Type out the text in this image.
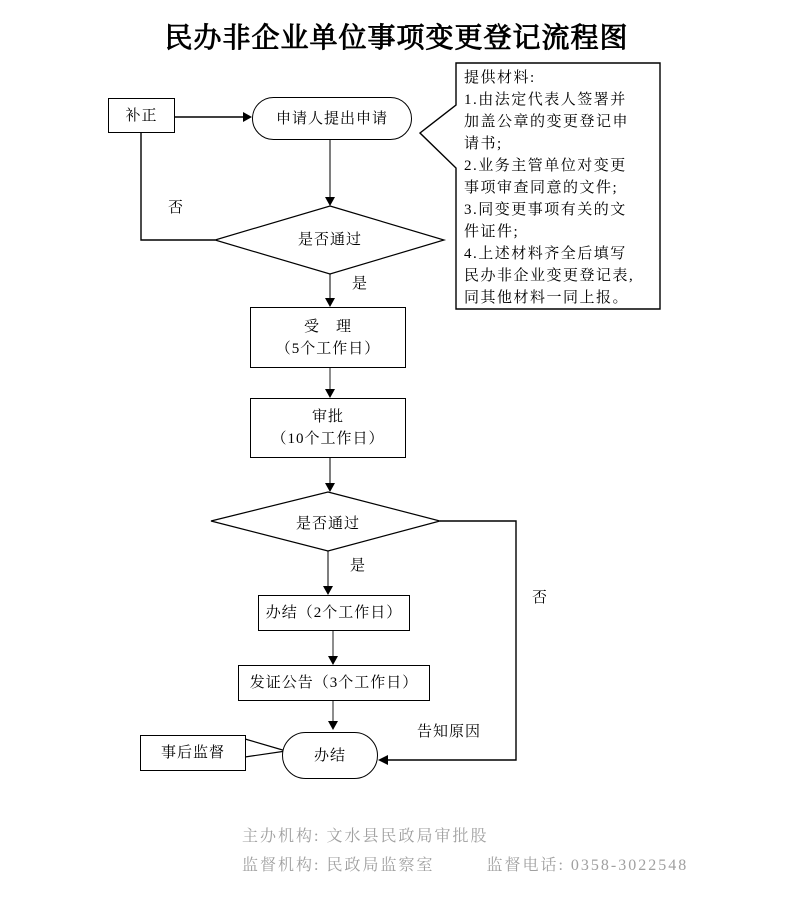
民办非企业单位事项变更登记流程图
补正	申请人提出申请
是否通过
受　理
（5个工作日）
审批
（10个工作日）
是否通过
办结（2个工作日）
发证公告（3个工作日）
事后监督	办结
否
是
是
否
告知原因
提供材料:
1.由法定代表人签署并
加盖公章的变更登记申
请书;
2.业务主管单位对变更
事项审查同意的文件;
3.同变更事项有关的文
件证件;
4.上述材料齐全后填写
民办非企业变更登记表,
同其他材料一同上报。
主办机构: 文水县民政局审批股
监督机构: 民政局监察室	监督电话: 0358-3022548
